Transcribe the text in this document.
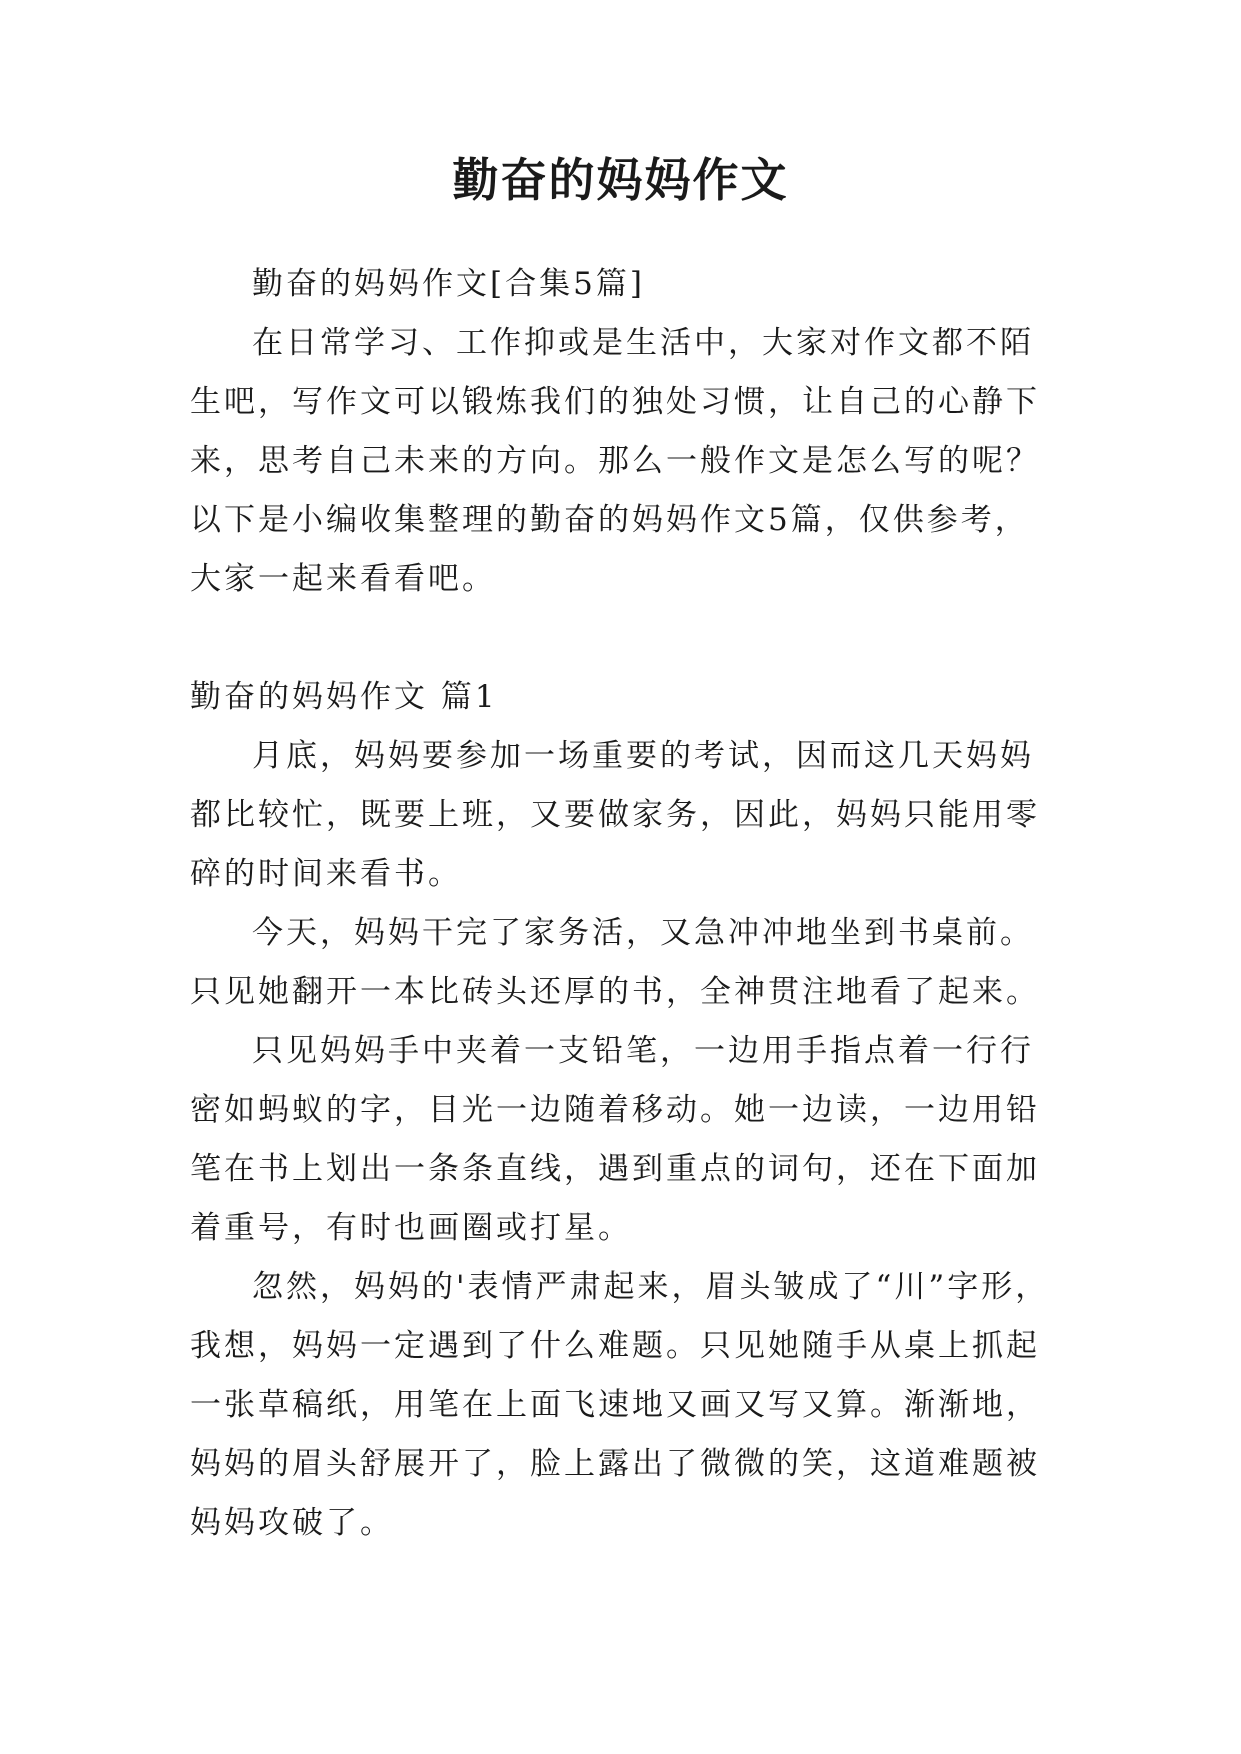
勤奋的妈妈作文

勤奋的妈妈作文[合集5篇]

在日常学习、工作抑或是生活中，大家对作文都不陌生吧，写作文可以锻炼我们的独处习惯，让自己的心静下来，思考自己未来的方向。那么一般作文是怎么写的呢？以下是小编收集整理的勤奋的妈妈作文5篇，仅供参考，大家一起来看看吧。

勤奋的妈妈作文 篇1

月底，妈妈要参加一场重要的考试，因而这几天妈妈都比较忙，既要上班，又要做家务，因此，妈妈只能用零碎的时间来看书。

今天，妈妈干完了家务活，又急冲冲地坐到书桌前。只见她翻开一本比砖头还厚的书，全神贯注地看了起来。

只见妈妈手中夹着一支铅笔，一边用手指点着一行行密如蚂蚁的字，目光一边随着移动。她一边读，一边用铅笔在书上划出一条条直线，遇到重点的词句，还在下面加着重号，有时也画圈或打星。

忽然，妈妈的'表情严肃起来，眉头皱成了“川”字形，我想，妈妈一定遇到了什么难题。只见她随手从桌上抓起一张草稿纸，用笔在上面飞速地又画又写又算。渐渐地，妈妈的眉头舒展开了，脸上露出了微微的笑，这道难题被妈妈攻破了。
